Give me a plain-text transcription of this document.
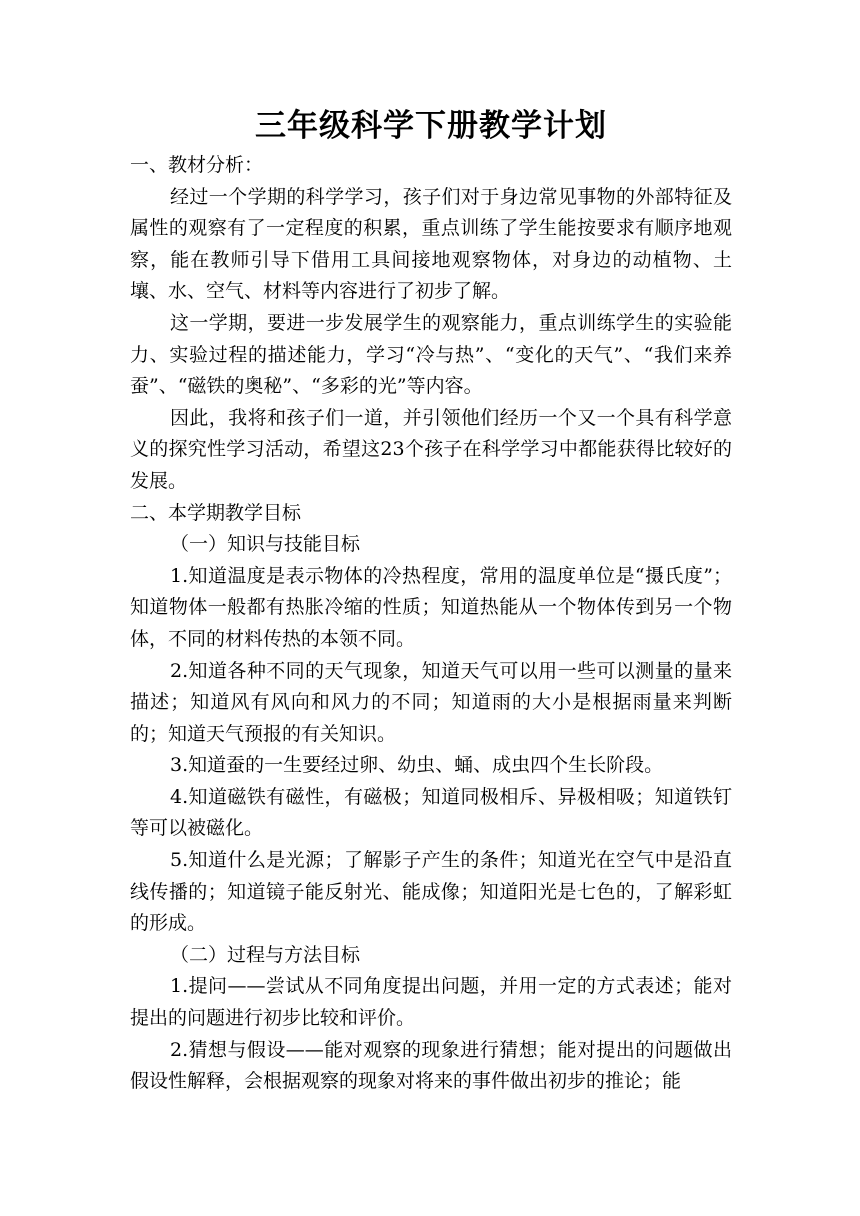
三年级科学下册教学计划

一、教材分析：

经过一个学期的科学学习，孩子们对于身边常见事物的外部特征及属性的观察有了一定程度的积累，重点训练了学生能按要求有顺序地观察，能在教师引导下借用工具间接地观察物体，对身边的动植物、土壤、水、空气、材料等内容进行了初步了解。

这一学期，要进一步发展学生的观察能力，重点训练学生的实验能力、实验过程的描述能力，学习“冷与热”、“变化的天气”、“我们来养蚕”、“磁铁的奥秘”、“多彩的光”等内容。

因此，我将和孩子们一道，并引领他们经历一个又一个具有科学意义的探究性学习活动，希望这23个孩子在科学学习中都能获得比较好的发展。

二、本学期教学目标

（一）知识与技能目标

1.知道温度是表示物体的冷热程度，常用的温度单位是“摄氏度”；知道物体一般都有热胀冷缩的性质；知道热能从一个物体传到另一个物体，不同的材料传热的本领不同。

2.知道各种不同的天气现象，知道天气可以用一些可以测量的量来描述；知道风有风向和风力的不同；知道雨的大小是根据雨量来判断的；知道天气预报的有关知识。

3.知道蚕的一生要经过卵、幼虫、蛹、成虫四个生长阶段。

4.知道磁铁有磁性，有磁极；知道同极相斥、异极相吸；知道铁钉等可以被磁化。

5.知道什么是光源；了解影子产生的条件；知道光在空气中是沿直线传播的；知道镜子能反射光、能成像；知道阳光是七色的，了解彩虹的形成。

（二）过程与方法目标

1.提问——尝试从不同角度提出问题，并用一定的方式表述；能对提出的问题进行初步比较和评价。

2.猜想与假设——能对观察的现象进行猜想；能对提出的问题做出假设性解释，会根据观察的现象对将来的事件做出初步的推论；能
